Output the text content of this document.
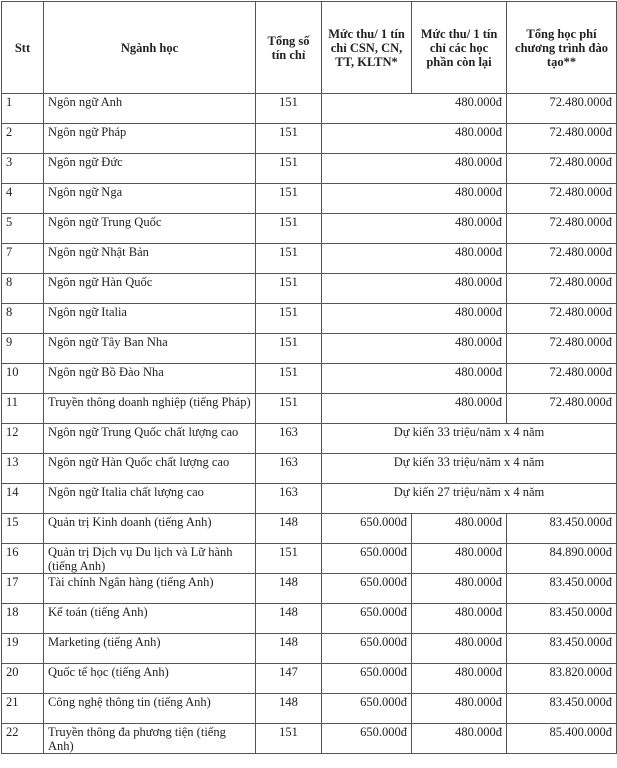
Stt	Ngành học	Tổng số tín chỉ	Mức thu/ 1 tín chỉ CSN, CN, TT, KLTN*	Mức thu/ 1 tín chỉ các học phần còn lại	Tổng học phí chương trình đào tạo**

1	Ngôn ngữ Anh	151	480.000đ		72.480.000đ

2	Ngôn ngữ Pháp	151	480.000đ		72.480.000đ

3	Ngôn ngữ Đức	151	480.000đ		72.480.000đ

4	Ngôn ngữ Nga	151	480.000đ		72.480.000đ

5	Ngôn ngữ Trung Quốc	151	480.000đ		72.480.000đ

7	Ngôn ngữ Nhật Bản	151	480.000đ		72.480.000đ

8	Ngôn ngữ Hàn Quốc	151	480.000đ		72.480.000đ

8	Ngôn ngữ Italia	151	480.000đ		72.480.000đ

9	Ngôn ngữ Tây Ban Nha	151	480.000đ		72.480.000đ

10	Ngôn ngữ Bồ Đào Nha	151	480.000đ		72.480.000đ

11	Truyền thông doanh nghiệp (tiếng Pháp)	151	480.000đ		72.480.000đ

12	Ngôn ngữ Trung Quốc chất lượng cao	163	Dự kiến 33 triệu/năm x 4 năm		

13	Ngôn ngữ Hàn Quốc chất lượng cao	163	Dự kiến 33 triệu/năm x 4 năm		

14	Ngôn ngữ Italia chất lượng cao	163	Dự kiến 27 triệu/năm x 4 năm		

15	Quản trị Kinh doanh (tiếng Anh)	148	650.000đ	480.000đ	83.450.000đ

16	Quản trị Dịch vụ Du lịch và Lữ hành (tiếng Anh)	151	650.000đ	480.000đ	84.890.000đ

17	Tài chính Ngân hàng (tiếng Anh)	148	650.000đ	480.000đ	83.450.000đ

18	Kế toán (tiếng Anh)	148	650.000đ	480.000đ	83.450.000đ

19	Marketing (tiếng Anh)	148	650.000đ	480.000đ	83.450.000đ

20	Quốc tế học (tiếng Anh)	147	650.000đ	480.000đ	83.820.000đ

21	Công nghệ thông tin (tiếng Anh)	148	650.000đ	480.000đ	83.450.000đ

22	Truyền thông đa phương tiện (tiếng Anh)	151	650.000đ	480.000đ	85.400.000đ
